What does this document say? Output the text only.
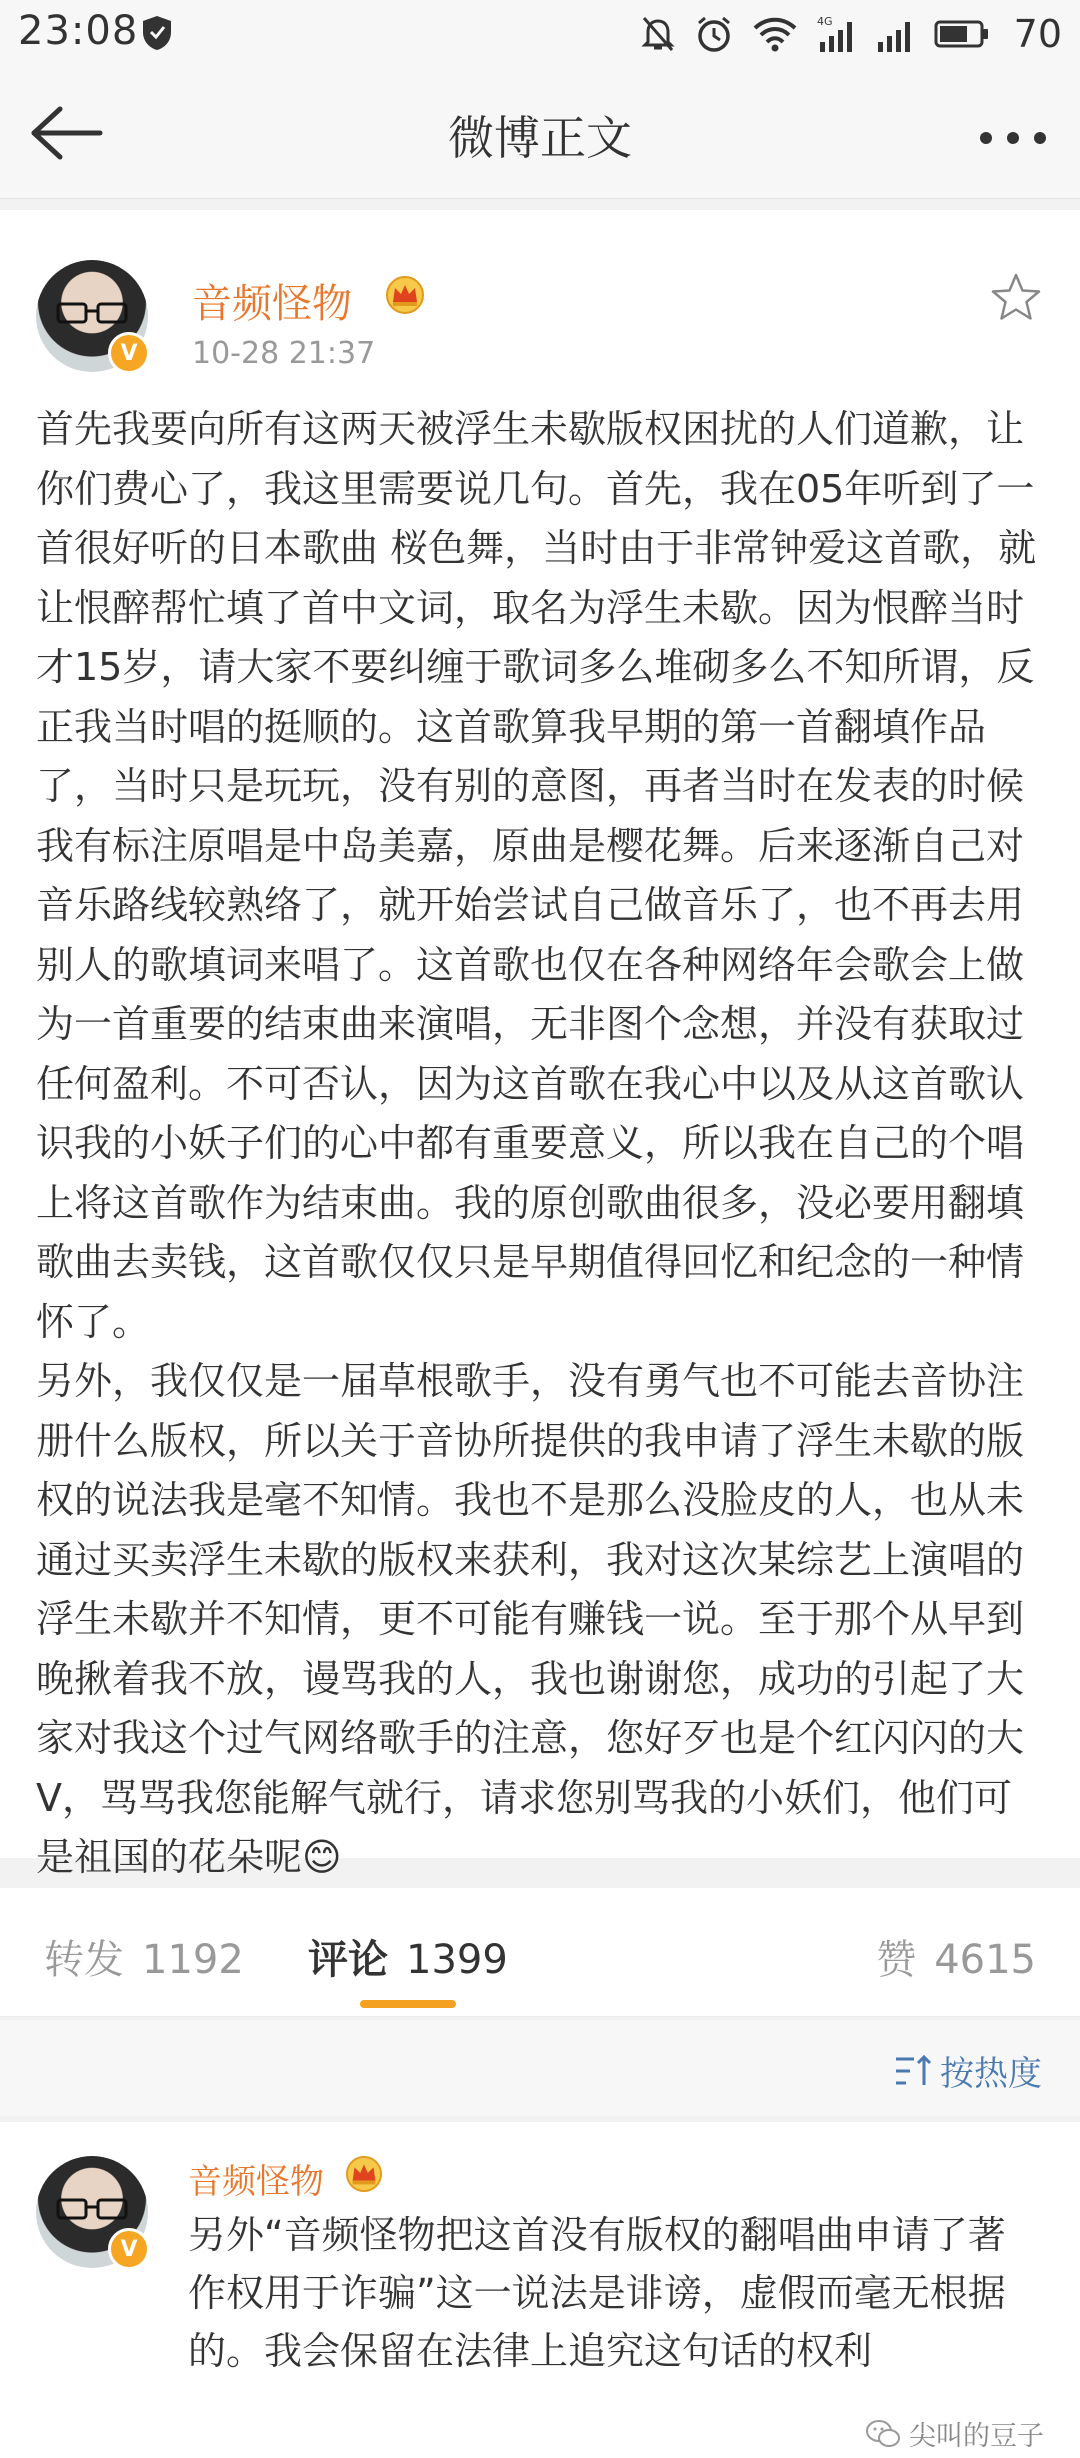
23:08	4G	70
微博正文
V
音频怪物
10-28 21:37

首先我要向所有这两天被浮生未歇版权困扰的人们道歉，让你们费心了，我这里需要说几句。首先，我在05年听到了一首很好听的日本歌曲 桜色舞，当时由于非常钟爱这首歌，就让恨醉帮忙填了首中文词，取名为浮生未歇。因为恨醉当时才15岁，请大家不要纠缠于歌词多么堆砌多么不知所谓，反正我当时唱的挺顺的。这首歌算我早期的第一首翻填作品了，当时只是玩玩，没有别的意图，再者当时在发表的时候我有标注原唱是中岛美嘉，原曲是樱花舞。后来逐渐自己对音乐路线较熟络了，就开始尝试自己做音乐了，也不再去用别人的歌填词来唱了。这首歌也仅在各种网络年会歌会上做为一首重要的结束曲来演唱，无非图个念想，并没有获取过任何盈利。不可否认，因为这首歌在我心中以及从这首歌认识我的小妖子们的心中都有重要意义，所以我在自己的个唱上将这首歌作为结束曲。我的原创歌曲很多，没必要用翻填歌曲去卖钱，这首歌仅仅只是早期值得回忆和纪念的一种情怀了。

另外，我仅仅是一届草根歌手，没有勇气也不可能去音协注册什么版权，所以关于音协所提供的我申请了浮生未歇的版权的说法我是毫不知情。我也不是那么没脸皮的人，也从未通过买卖浮生未歇的版权来获利，我对这次某综艺上演唱的浮生未歇并不知情，更不可能有赚钱一说。至于那个从早到晚揪着我不放，谩骂我的人，我也谢谢您，成功的引起了大家对我这个过气网络歌手的注意，您好歹也是个红闪闪的大V，骂骂我您能解气就行，请求您别骂我的小妖们，他们可是祖国的花朵呢😊

转发 1192 评论 1399	赞 4615
按热度
V
音频怪物
另外“音频怪物把这首没有版权的翻唱曲申请了著作权用于诈骗”这一说法是诽谤，虚假而毫无根据的。我会保留在法律上追究这句话的权利
尖叫的豆子
